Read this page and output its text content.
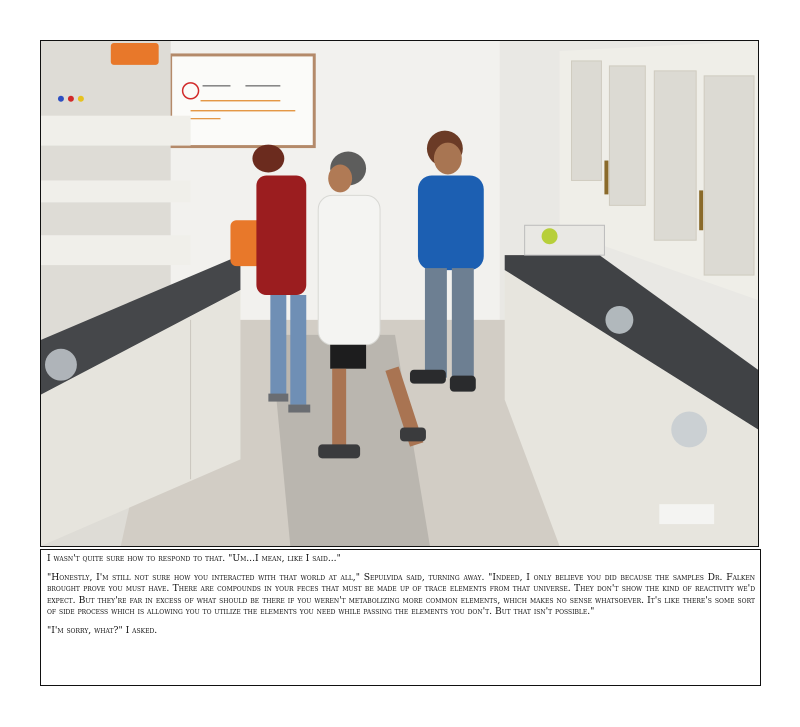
I wasn't quite sure how to respond to that. "Um...I mean, like I said..."

"Honestly, I'm still not sure how you interacted with that world at all," Sepulvida said, turning away. "Indeed, I only believe you did because the samples Dr. Falken brought prove you must have. There are compounds in your feces that must be made up of trace elements from that universe. They don't show the kind of reactivity we'd expect. But they're far in excess of what should be there if you weren't metabolizing more common elements, which makes no sense whatsoever. It's like there's some sort of side process which is allowing you to utilize the elements you need while passing the elements you don't. But that isn't possible."

"I'm sorry, what?" I asked.
